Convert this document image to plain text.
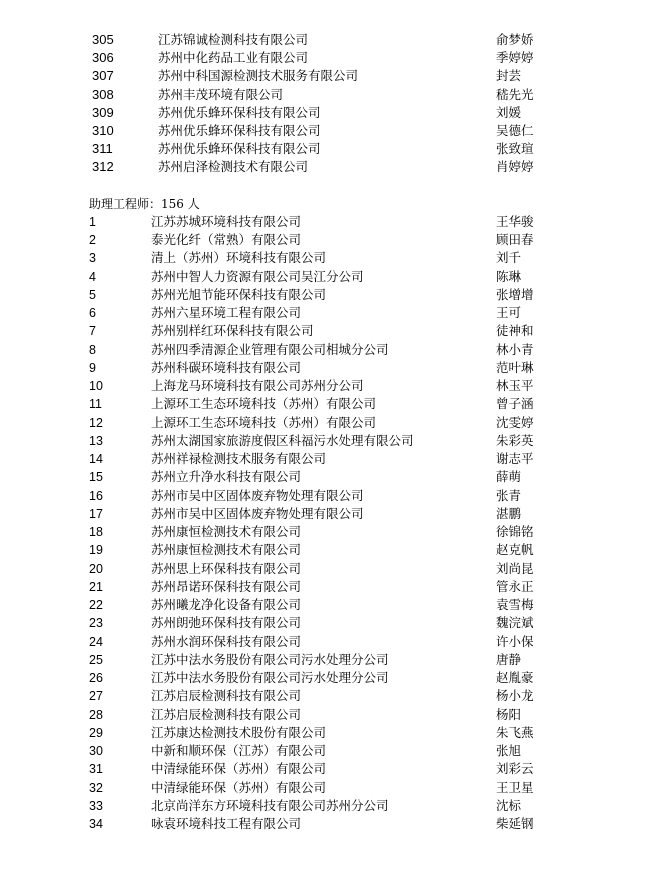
305	江苏锦诚检测科技有限公司	俞梦娇
306	苏州中化药品工业有限公司	季婷婷
307	苏州中科国源检测技术服务有限公司	封芸
308	苏州丰茂环境有限公司	嵇先光
309	苏州优乐蜂环保科技有限公司	刘媛
310	苏州优乐蜂环保科技有限公司	吴德仁
311	苏州优乐蜂环保科技有限公司	张致瑄
312	苏州启泽检测技术有限公司	肖婷婷
助理工程师：156 人
1	江苏苏城环境科技有限公司	王华骏
2	泰光化纤（常熟）有限公司	顾田春
3	清上（苏州）环境科技有限公司	刘千
4	苏州中智人力资源有限公司吴江分公司	陈琳
5	苏州光旭节能环保科技有限公司	张增增
6	苏州六星环境工程有限公司	王可
7	苏州别样红环保科技有限公司	徒神和
8	苏州四季清源企业管理有限公司相城分公司	林小青
9	苏州科碳环境科技有限公司	范叶琳
10	上海龙马环境科技有限公司苏州分公司	林玉平
11	上源环工生态环境科技（苏州）有限公司	曾子涵
12	上源环工生态环境科技（苏州）有限公司	沈雯婷
13	苏州太湖国家旅游度假区科福污水处理有限公司	朱彩英
14	苏州祥禄检测技术服务有限公司	谢志平
15	苏州立升净水科技有限公司	薛萌
16	苏州市吴中区固体废弃物处理有限公司	张青
17	苏州市吴中区固体废弃物处理有限公司	湛鹏
18	苏州康恒检测技术有限公司	徐锦铭
19	苏州康恒检测技术有限公司	赵克帆
20	苏州思上环保科技有限公司	刘尚昆
21	苏州昂诺环保科技有限公司	管永正
22	苏州曦龙净化设备有限公司	袁雪梅
23	苏州朗弛环保科技有限公司	魏浣斌
24	苏州水润环保科技有限公司	许小保
25	江苏中法水务股份有限公司污水处理分公司	唐静
26	江苏中法水务股份有限公司污水处理分公司	赵胤豪
27	江苏启辰检测科技有限公司	杨小龙
28	江苏启辰检测科技有限公司	杨阳
29	江苏康达检测技术股份有限公司	朱飞燕
30	中新和顺环保（江苏）有限公司	张旭
31	中清绿能环保（苏州）有限公司	刘彩云
32	中清绿能环保（苏州）有限公司	王卫星
33	北京尚洋东方环境科技有限公司苏州分公司	沈标
34	咏袁环境科技工程有限公司	柴延钢
